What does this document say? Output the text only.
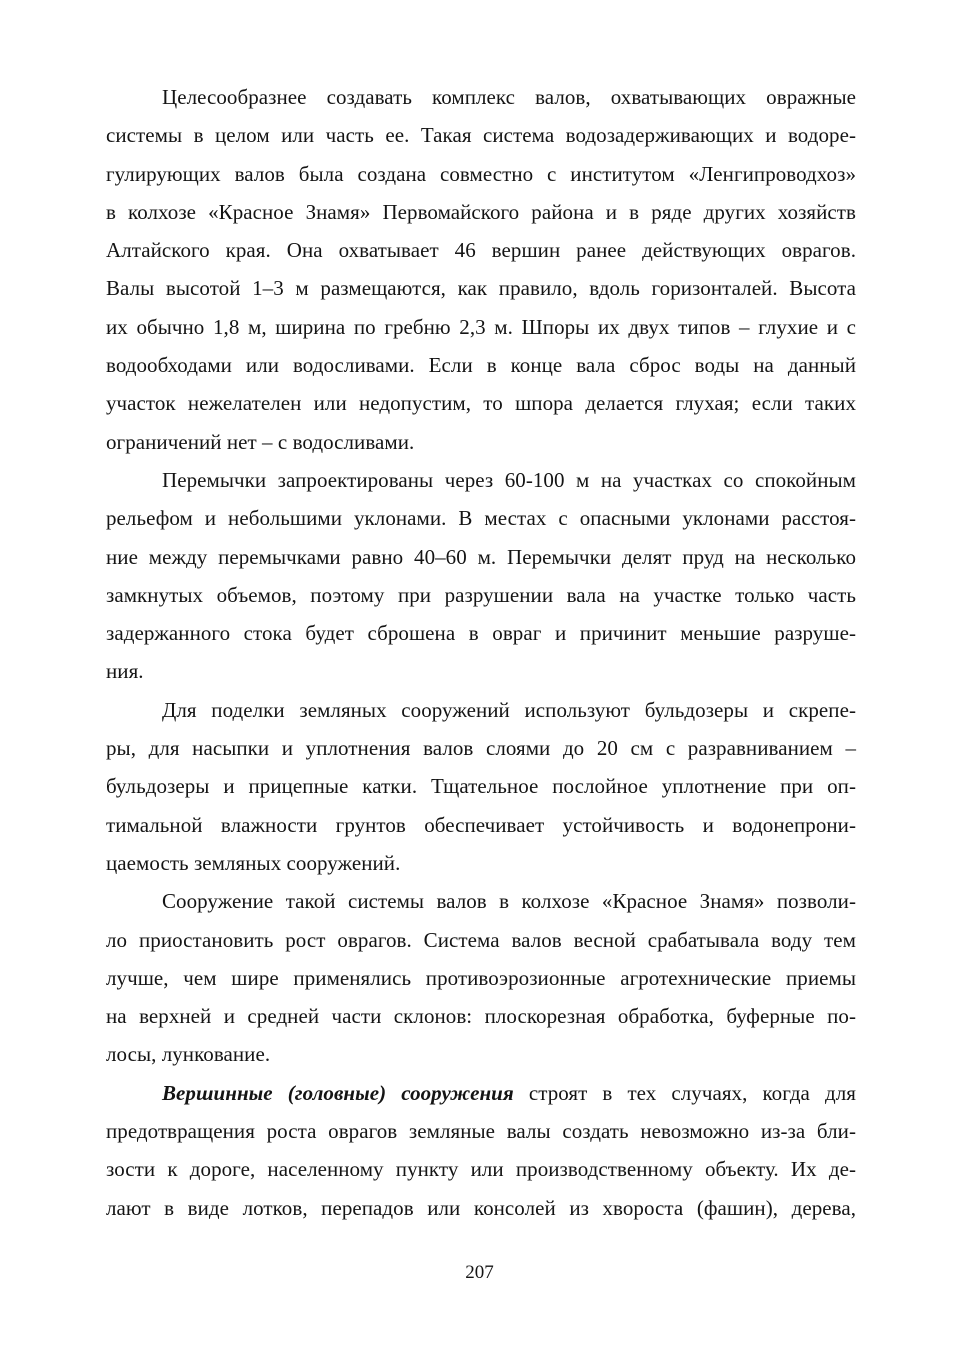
Целесообразнее создавать комплекс валов, охватывающих овражные
системы в целом или часть ее. Такая система водозадерживающих и водоре-
гулирующих валов была создана совместно с институтом «Ленгипроводхоз»
в колхозе «Красное Знамя» Первомайского района и в ряде других хозяйств
Алтайского края. Она охватывает 46 вершин ранее действующих оврагов.
Валы высотой 1–3 м размещаются, как правило, вдоль горизонталей. Высота
их обычно 1,8 м, ширина по гребню 2,3 м. Шпоры их двух типов – глухие и с
водообходами или водосливами. Если в конце вала сброс воды на данный
участок нежелателен или недопустим, то шпора делается глухая; если таких
ограничений нет – с водосливами.
Перемычки запроектированы через 60-100 м на участках со спокойным
рельефом и небольшими уклонами. В местах с опасными уклонами расстоя-
ние между перемычками равно 40–60 м. Перемычки делят пруд на несколько
замкнутых объемов, поэтому при разрушении вала на участке только часть
задержанного стока будет сброшена в овраг и причинит меньшие разруше-
ния.
Для поделки земляных сооружений используют бульдозеры и скрепе-
ры, для насыпки и уплотнения валов слоями до 20 см с разравниванием –
бульдозеры и прицепные катки. Тщательное послойное уплотнение при оп-
тимальной влажности грунтов обеспечивает устойчивость и водонепрони-
цаемость земляных сооружений.
Сооружение такой системы валов в колхозе «Красное Знамя» позволи-
ло приостановить рост оврагов. Система валов весной срабатывала воду тем
лучше, чем шире применялись противоэрозионные агротехнические приемы
на верхней и средней части склонов: плоскорезная обработка, буферные по-
лосы, лункование.
Вершинные (головные) сооружения строят в тех случаях, когда для
предотвращения роста оврагов земляные валы создать невозможно из-за бли-
зости к дороге, населенному пункту или производственному объекту. Их де-
лают в виде лотков, перепадов или консолей из хвороста (фашин), дерева,
207
